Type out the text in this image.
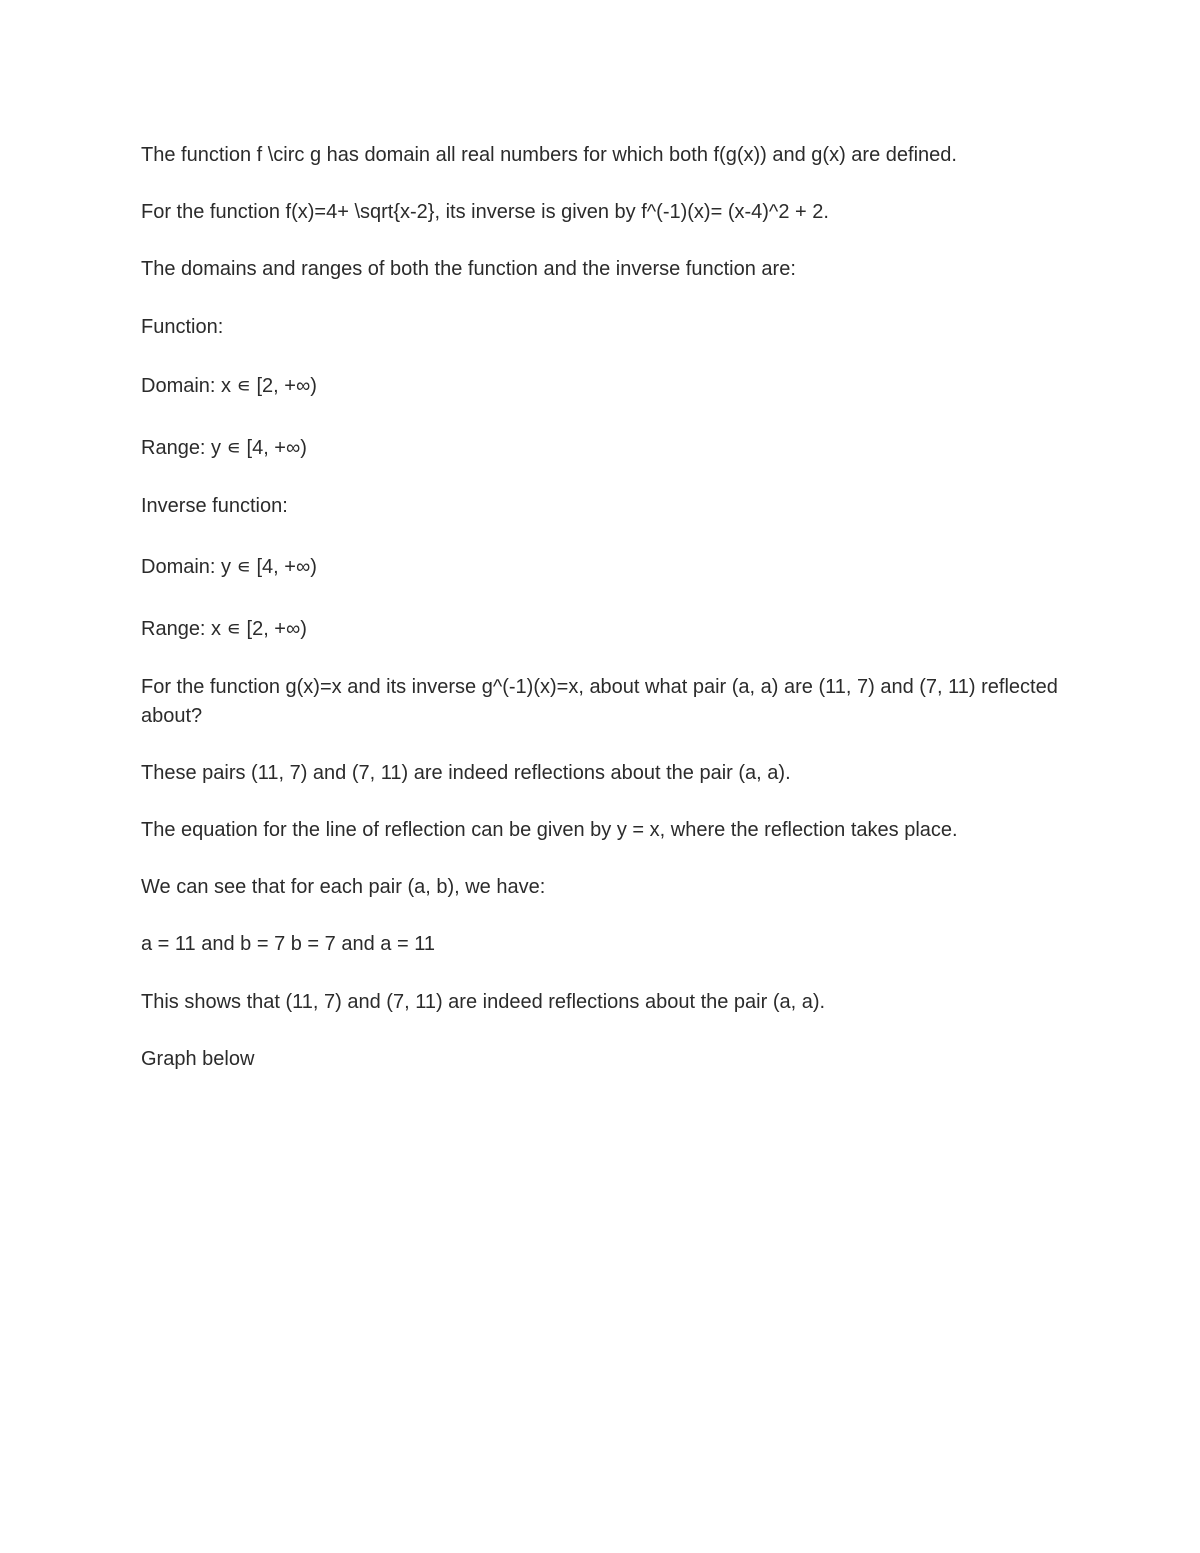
The function f \circ g has domain all real numbers for which both f(g(x)) and g(x) are defined.

For the function f(x)=4+ \sqrt{x-2}, its inverse is given by f^(-1)(x)= (x-4)^2 + 2.

The domains and ranges of both the function and the inverse function are:

Function:

Domain: x ∊ [2, +∞)

Range: y ∊ [4, +∞)

Inverse function:

Domain: y ∊ [4, +∞)

Range: x ∊ [2, +∞)

For the function g(x)=x and its inverse g^(-1)(x)=x, about what pair (a, a) are (11, 7) and (7, 11) reflected about?

These pairs (11, 7) and (7, 11) are indeed reflections about the pair (a, a).

The equation for the line of reflection can be given by y = x, where the reflection takes place.

We can see that for each pair (a, b), we have:

a = 11 and b = 7 b = 7 and a = 11

This shows that (11, 7) and (7, 11) are indeed reflections about the pair (a, a).

Graph below
